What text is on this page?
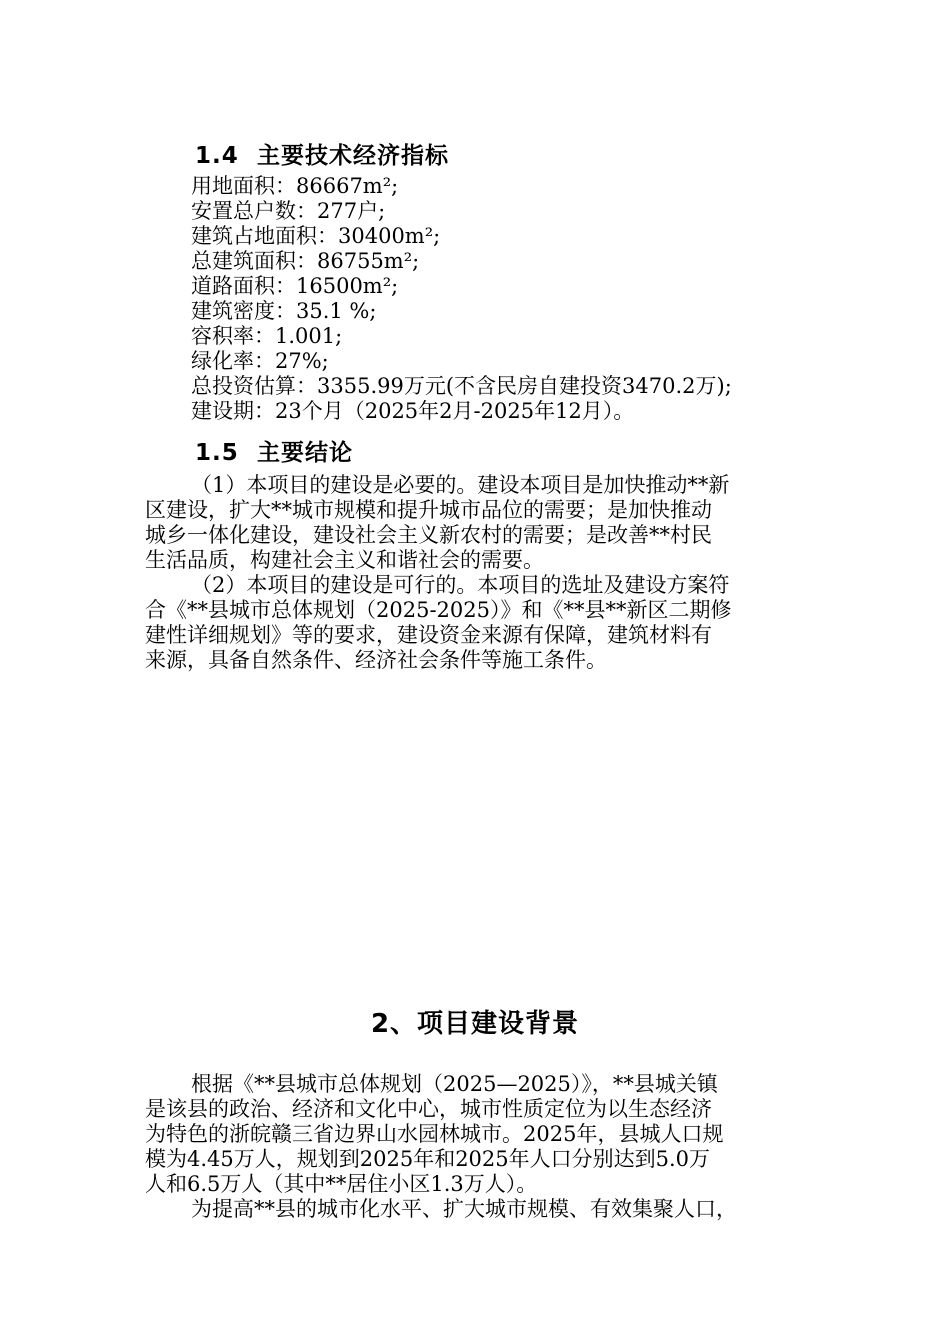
1.4 主要技术经济指标
用地面积：86667m²;
安置总户数：277户;
建筑占地面积：30400m²;
总建筑面积：86755m²;
道路面积：16500m²;
建筑密度：35.1 %;
容积率：1.001;
绿化率：27%;
总投资估算：3355.99万元(不含民房自建投资3470.2万);
建设期：23个月（2025年2月-2025年12月）。
1.5 主要结论
（1）本项目的建设是必要的。建设本项目是加快推动**新
区建设，扩大**城市规模和提升城市品位的需要；是加快推动
城乡一体化建设，建设社会主义新农村的需要；是改善**村民
生活品质，构建社会主义和谐社会的需要。
（2）本项目的建设是可行的。本项目的选址及建设方案符
合《**县城市总体规划（2025-2025）》和《**县**新区二期修
建性详细规划》等的要求，建设资金来源有保障，建筑材料有
来源，具备自然条件、经济社会条件等施工条件。
2、项目建设背景
根据《**县城市总体规划（2025—2025）》，**县城关镇
是该县的政治、经济和文化中心，城市性质定位为以生态经济
为特色的浙皖赣三省边界山水园林城市。2025年，县城人口规
模为4.45万人，规划到2025年和2025年人口分别达到5.0万
人和6.5万人（其中**居住小区1.3万人）。
为提高**县的城市化水平、扩大城市规模、有效集聚人口，
